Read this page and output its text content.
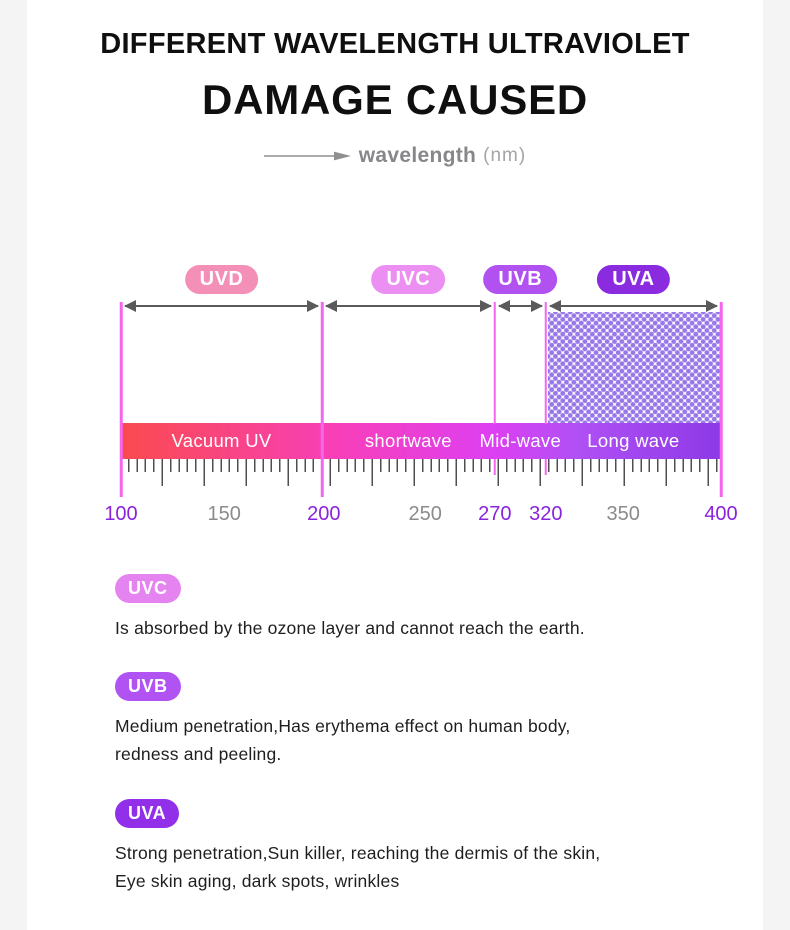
DIFFERENT WAVELENGTH ULTRAVIOLET
DAMAGE CAUSED
wavelength (nm)
UVD	UVC	UVB	UVA
Vacuum UV	shortwave Mid-wave Long wave
100	150	200	250 270 320 350	400
UVC
Is absorbed by the ozone layer and cannot reach the earth.
UVB
Medium penetration,Has erythema effect on human body,
redness and peeling.
UVA
Strong penetration,Sun killer, reaching the dermis of the skin,
Eye skin aging, dark spots, wrinkles
